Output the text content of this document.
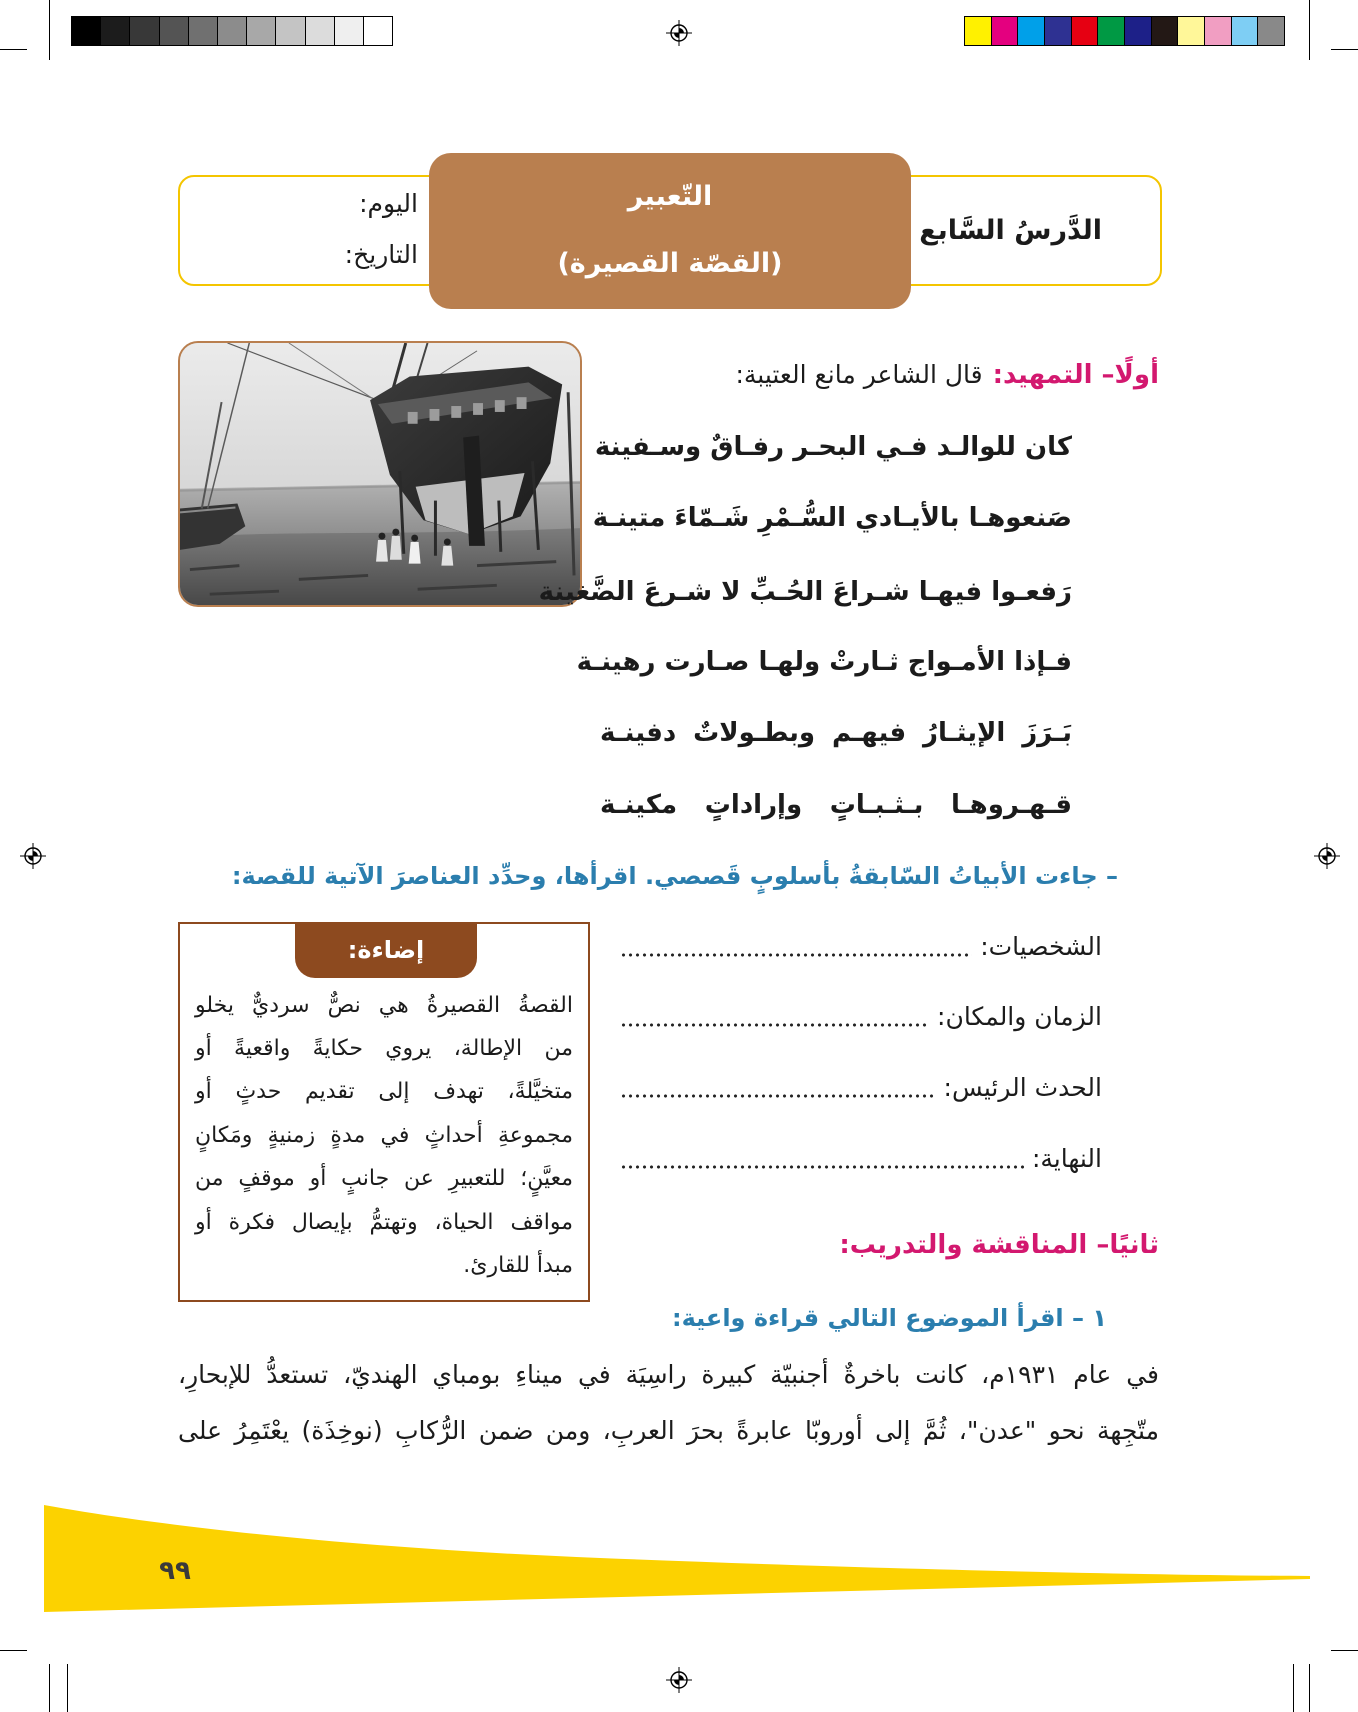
التّعبير
(القصّة القصيرة)
الدَّرسُ السَّابع
اليوم:
التاريخ:
أولًا– التمهيد:
قال الشاعر مانع العتيبة:
كان للوالـد فـي البحـر رفـاقٌ وسـفينة
صَنعوهـا بالأيـادي السُّـمْرِ شَـمّاءَ متينـة
رَفعـوا فيهـا شـراعَ الحُـبِّ لا شـرعَ الضَّغينة
فـإذا الأمـواج ثـارتْ ولهـا صـارت رهينـة
بَـرَزَ الإيثـارُ فيهـم وبطـولاتٌ دفينـة
قـهـروهـا بـثـبـاتٍ وإراداتٍ مكينـة
– جاءت الأبياتُ السّابقةُ بأسلوبٍ قَصصي. اقرأها، وحدِّد العناصرَ الآتية للقصة:
الشخصيات:
الزمان والمكان:
الحدث الرئيس:
النهاية:
إضاءة:
القصةُ القصيرةُ هي نصٌّ سرديٌّ يخلو
من الإطالة، يروي حكايةً واقعيةً أو
متخيَّلةً، تهدف إلى تقديم حدثٍ أو
مجموعةِ أحداثٍ في مدةٍ زمنيةٍ ومَكانٍ
معيَّنٍ؛ للتعبيرِ عن جانبٍ أو موقفٍ من
مواقف الحياة، وتهتمُّ بإيصال فكرة أو
مبدأ للقارئ.
ثانيًا– المناقشة والتدريب:
١ – اقرأ الموضوع التالي قراءة واعية:
في عام ١٩٣١م، كانت باخرةٌ أجنبيّة كبيرة راسِيَة في ميناءِ بومباي الهنديّ، تستعدُّ للإبحارِ،
متّجِهة نحو "عدن"، ثُمَّ إلى أوروبّا عابرةً بحرَ العربِ، ومن ضمن الرُّكابِ (نوخِذَة) يعْتَمِرُ على
٩٩
